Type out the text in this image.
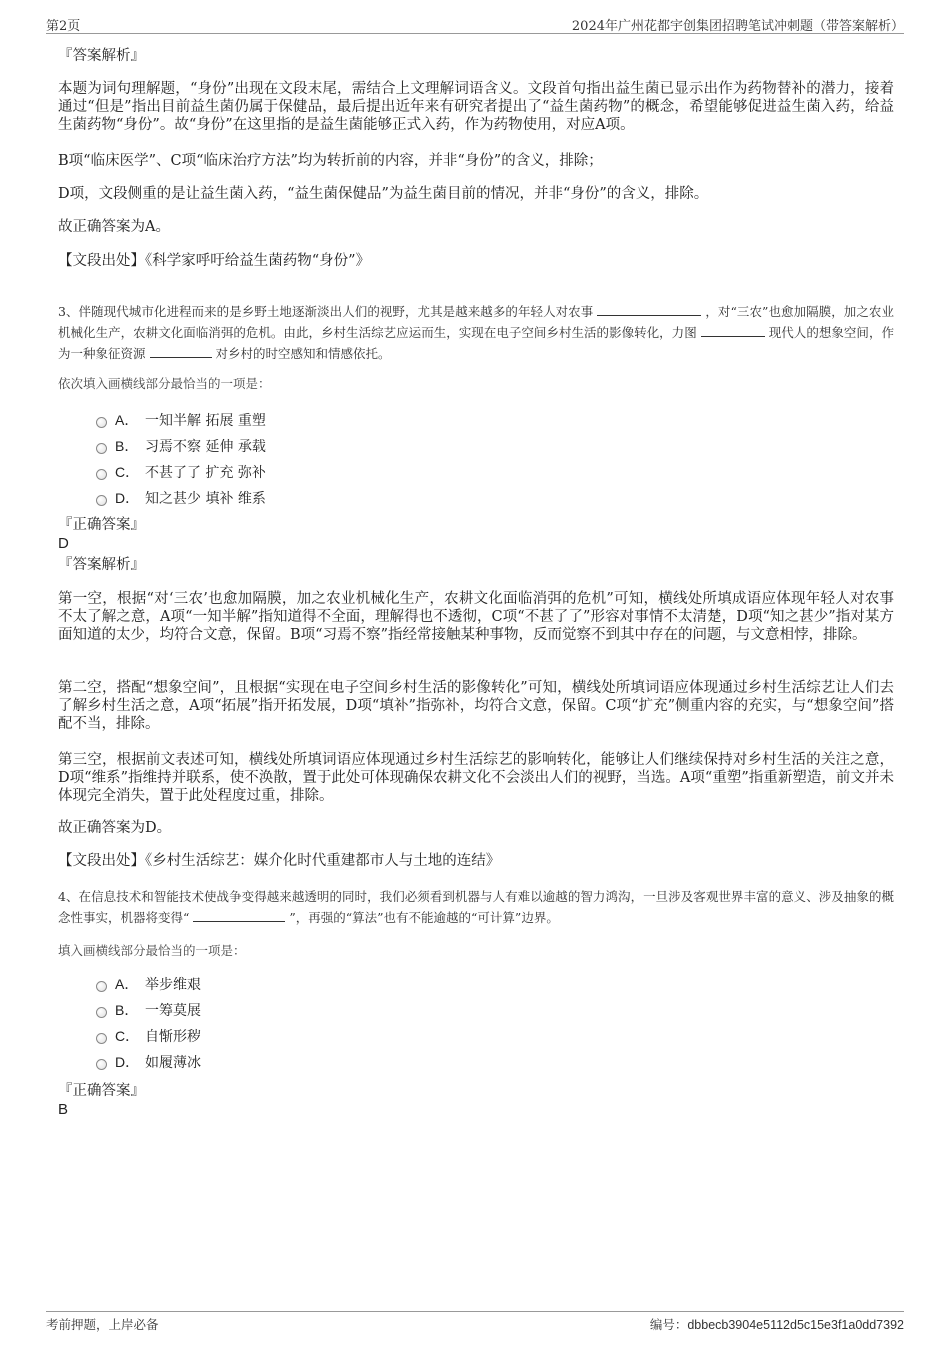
第2页	2024年广州花都宇创集团招聘笔试冲刺题（带答案解析）
『答案解析』
本题为词句理解题，“身份”出现在文段末尾，需结合上文理解词语含义。文段首句指出益生菌已显示出作为药物替补的潜力，接着通过“但是”指出目前益生菌仍属于保健品，最后提出近年来有研究者提出了“益生菌药物”的概念，希望能够促进益生菌入药，给益生菌药物“身份”。故“身份”在这里指的是益生菌能够正式入药，作为药物使用，对应A项。
B项“临床医学”、C项“临床治疗方法”均为转折前的内容，并非“身份”的含义，排除；
D项，文段侧重的是让益生菌入药，“益生菌保健品”为益生菌目前的情况，并非“身份”的含义，排除。
故正确答案为A。
【文段出处】《科学家呼吁给益生菌药物“身份”》
3、伴随现代城市化进程而来的是乡野土地逐渐淡出人们的视野，尤其是越来越多的年轻人对农事	，对“三农”也愈加隔膜，加之农业机械化生产，农耕文化面临消弭的危机。由此，乡村生活综艺应运而生，实现在电子空间乡村生活的影像转化，力图	现代人的想象空间，作为一种象征资源	对乡村的时空感知和情感依托。
依次填入画横线部分最恰当的一项是：
A． 一知半解 拓展 重塑
B． 习焉不察 延伸 承载
C． 不甚了了 扩充 弥补
D． 知之甚少 填补 维系
『正确答案』
D
『答案解析』
第一空，根据“对‘三农’也愈加隔膜，加之农业机械化生产，农耕文化面临消弭的危机”可知，横线处所填成语应体现年轻人对农事不太了解之意，A项“一知半解”指知道得不全面，理解得也不透彻，C项“不甚了了”形容对事情不太清楚，D项“知之甚少”指对某方面知道的太少，均符合文意，保留。B项“习焉不察”指经常接触某种事物，反而觉察不到其中存在的问题，与文意相悖，排除。
第二空，搭配“想象空间”，且根据“实现在电子空间乡村生活的影像转化”可知，横线处所填词语应体现通过乡村生活综艺让人们去了解乡村生活之意，A项“拓展”指开拓发展，D项“填补”指弥补，均符合文意，保留。C项“扩充”侧重内容的充实，与“想象空间”搭配不当，排除。
第三空，根据前文表述可知，横线处所填词语应体现通过乡村生活综艺的影响转化，能够让人们继续保持对乡村生活的关注之意，D项“维系”指维持并联系，使不涣散，置于此处可体现确保农耕文化不会淡出人们的视野，当选。A项“重塑”指重新塑造，前文并未体现完全消失，置于此处程度过重，排除。
故正确答案为D。
【文段出处】《乡村生活综艺：媒介化时代重建都市人与土地的连结》
4、在信息技术和智能技术使战争变得越来越透明的同时，我们必须看到机器与人有难以逾越的智力鸿沟，一旦涉及客观世界丰富的意义、涉及抽象的概念性事实，机器将变得“	”，再强的“算法”也有不能逾越的“可计算”边界。
填入画横线部分最恰当的一项是：
A． 举步维艰
B． 一筹莫展
C． 自惭形秽
D． 如履薄冰
『正确答案』
B
考前押题，上岸必备	编号：dbbecb3904e5112d5c15e3f1a0dd7392
